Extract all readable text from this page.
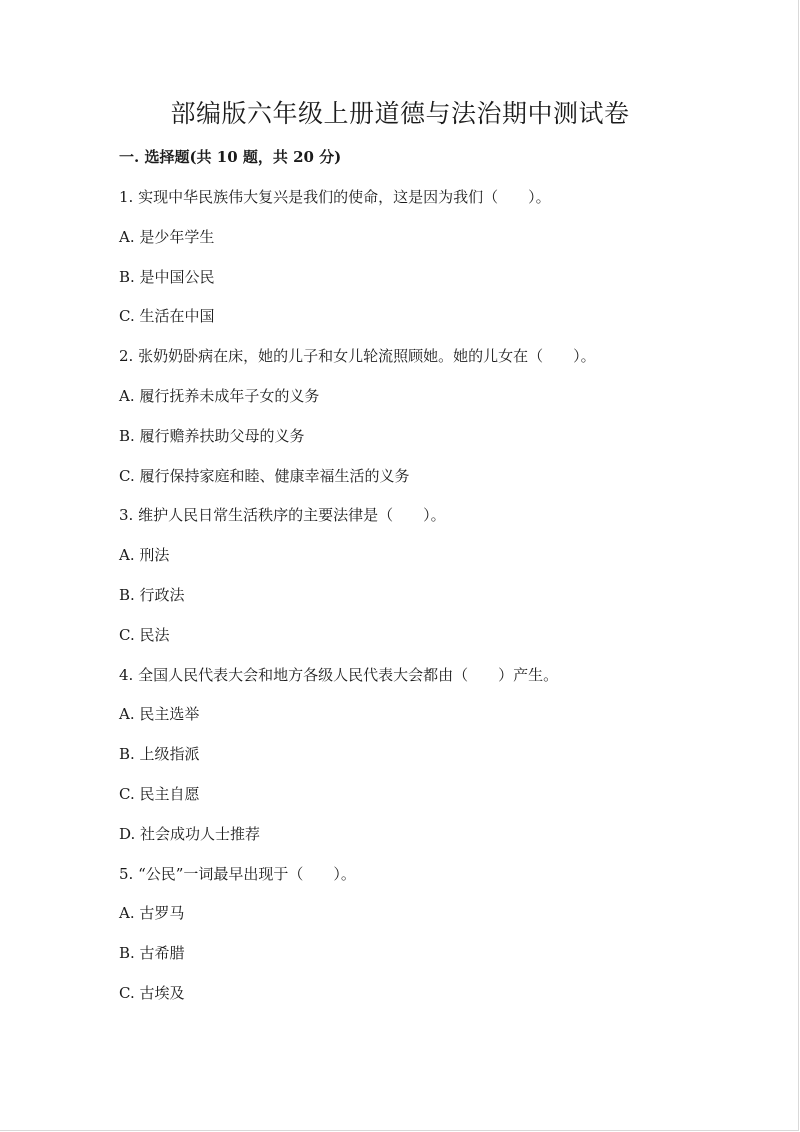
部编版六年级上册道德与法治期中测试卷

一. 选择题(共 10 题，共 20 分)

1. 实现中华民族伟大复兴是我们的使命，这是因为我们（　　）。
A. 是少年学生
B. 是中国公民
C. 生活在中国
2. 张奶奶卧病在床，她的儿子和女儿轮流照顾她。她的儿女在（　　）。
A. 履行抚养未成年子女的义务
B. 履行赡养扶助父母的义务
C. 履行保持家庭和睦、健康幸福生活的义务
3. 维护人民日常生活秩序的主要法律是（　　）。
A. 刑法
B. 行政法
C. 民法
4. 全国人民代表大会和地方各级人民代表大会都由（　　）产生。
A. 民主选举
B. 上级指派
C. 民主自愿
D. 社会成功人士推荐
5. “公民”一词最早出现于（　　）。
A. 古罗马
B. 古希腊
C. 古埃及
